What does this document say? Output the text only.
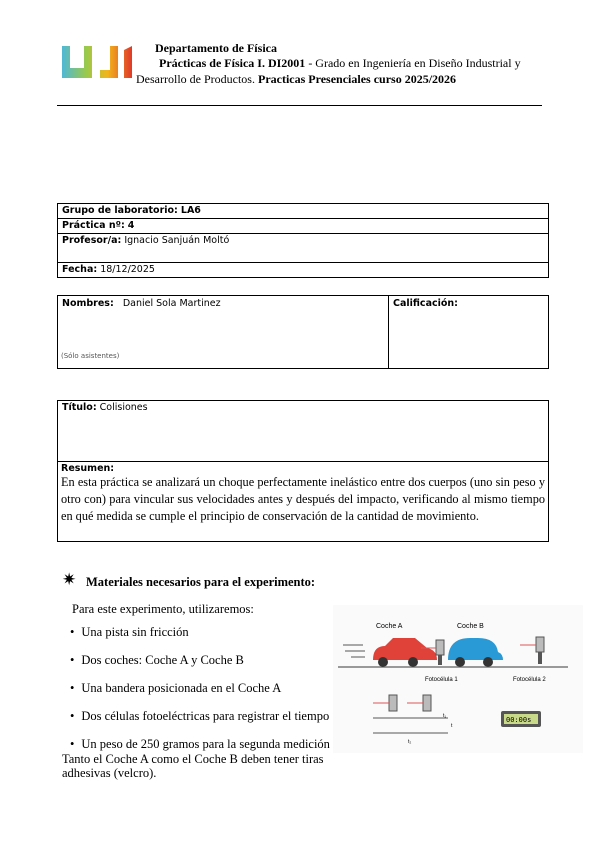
Departamento de Física
Prácticas de Física I. DI2001 - Grado en Ingeniería en Diseño Industrial y
Desarrollo de Productos. Practicas Presenciales curso 2025/2026
Grupo de laboratorio: LA6
Práctica nº: 4
Profesor/a: Ignacio Sanjuán Moltó
Fecha: 18/12/2025
Nombres: Daniel Sola Martinez
(Sólo asistentes)
Calificación:
Título: Colisiones
Resumen:
En esta práctica se analizará un choque perfectamente inelástico entre dos cuerpos (uno sin peso y otro con) para vincular sus velocidades antes y después del impacto, verificando al mismo tiempo en qué medida se cumple el principio de conservación de la cantidad de movimiento.
✷ Materiales necesarios para el experimento:
Para este experimento, utilizaremos:
• Una pista sin fricción
• Dos coches: Coche A y Coche B
• Una bandera posicionada en el Coche A
• Dos células fotoeléctricas para registrar el tiempo
• Un peso de 250 gramos para la segunda medición
Tanto el Coche A como el Coche B deben tener tiras adhesivas (velcro).
Coche A	Coche B
Fotocélula 1	Fotocélula 2
t₁
t
t₂
00:00s
